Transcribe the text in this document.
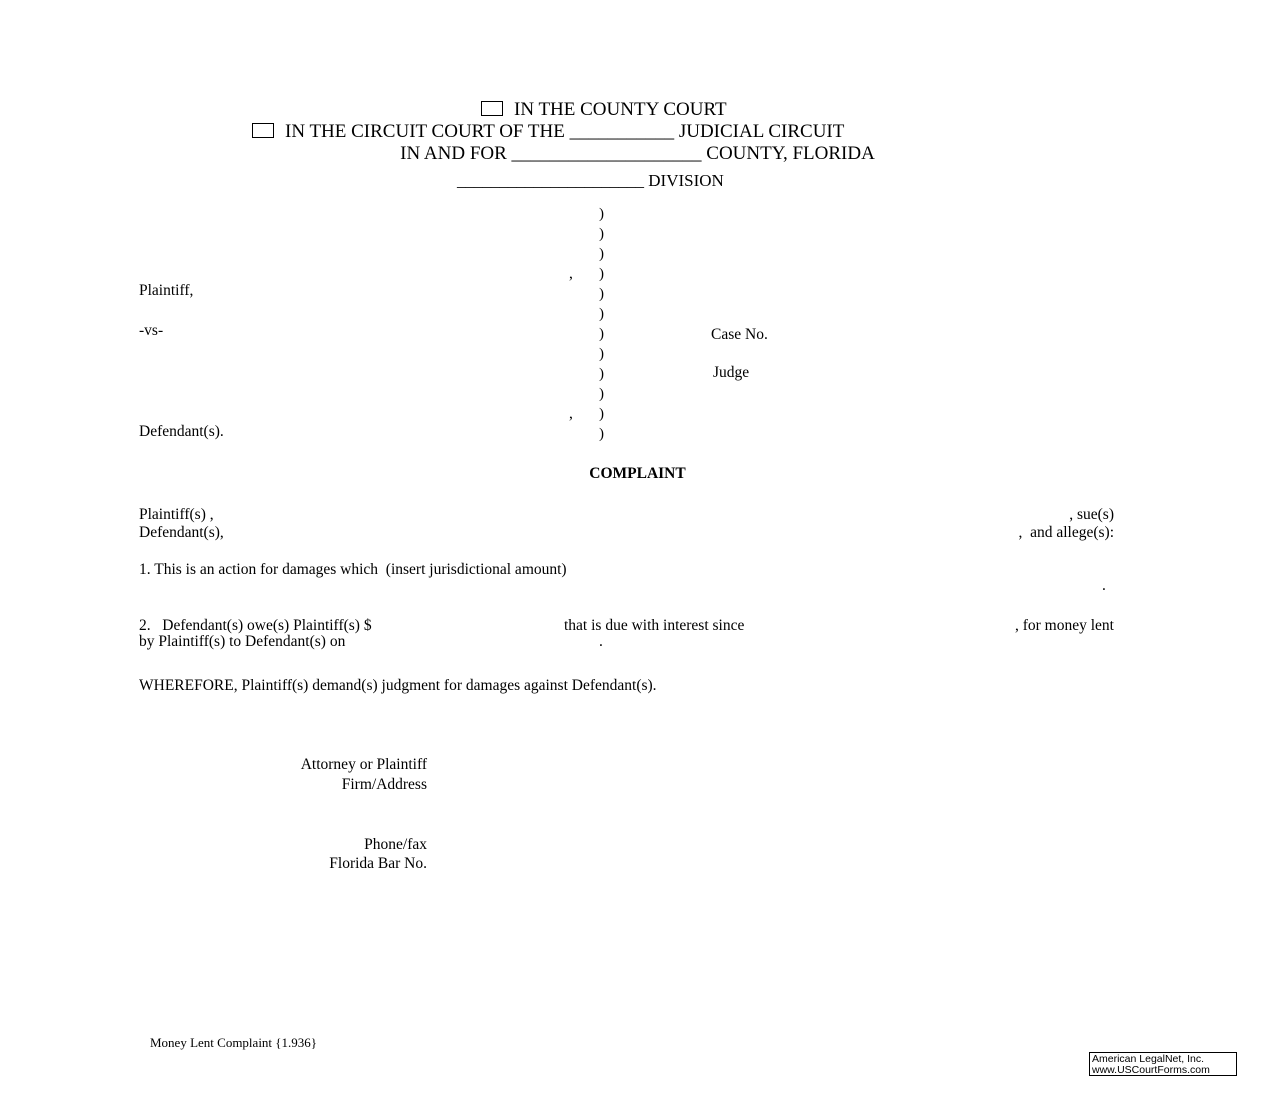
IN THE COUNTY COURT
IN THE CIRCUIT COURT OF THE ___________ JUDICIAL CIRCUIT
IN AND FOR ____________________ COUNTY, FLORIDA
______________________ DIVISION
,
Plaintiff,
-vs-
,
Defendant(s).
)
)
)
)
)
)
)
)
)
)
)
)
Case No.
Judge
COMPLAINT
Plaintiff(s) ,	, sue(s)
Defendant(s),	,  and allege(s):
1. This is an action for damages which  (insert jurisdictional amount)
.
2.   Defendant(s) owe(s) Plaintiff(s) $	that is due with interest since	, for money lent
by Plaintiff(s) to Defendant(s) on	.
WHEREFORE, Plaintiff(s) demand(s) judgment for damages against Defendant(s).
Attorney or Plaintiff
Firm/Address
Phone/fax
Florida Bar No.
Money Lent Complaint {1.936}
American LegalNet, Inc.
www.USCourtForms.com
